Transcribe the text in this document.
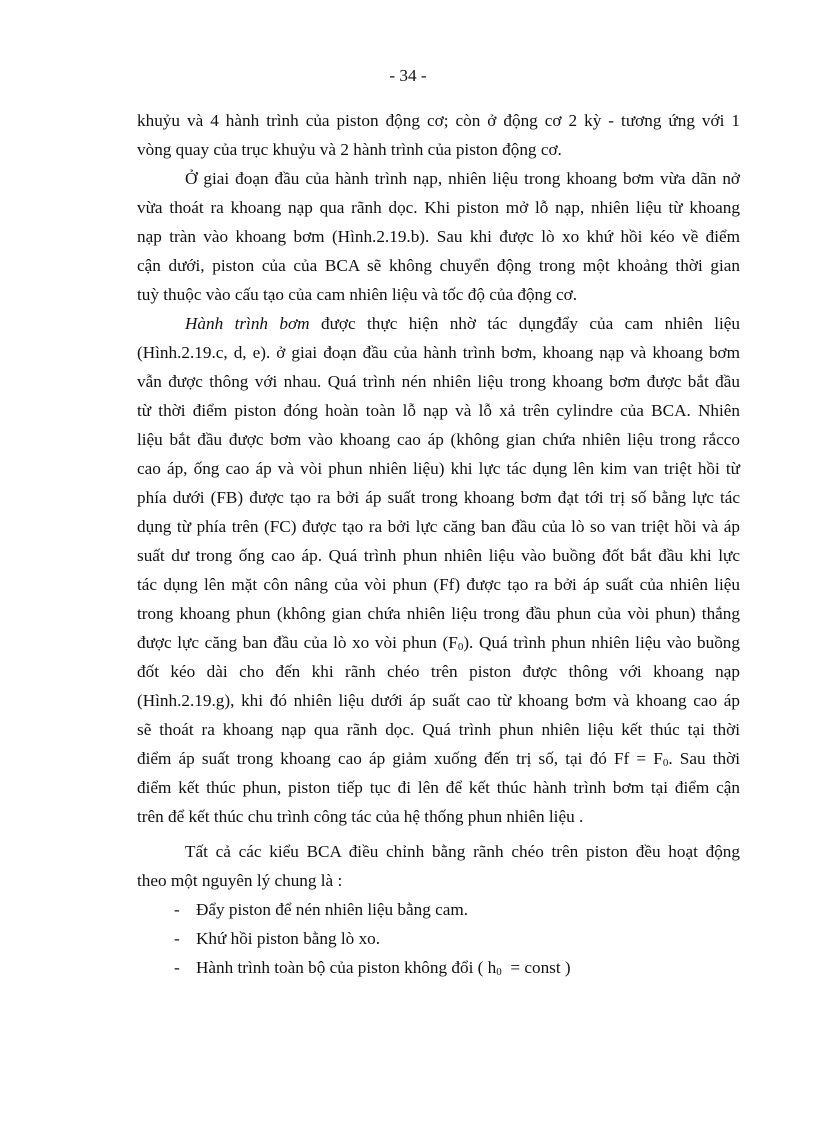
- 34 -
khuỷu và 4 hành trình của piston động cơ; còn ở động cơ 2 kỳ - tương ứng với 1
vòng quay của trục khuỷu và 2 hành trình của piston động cơ.
Ở giai đoạn đầu của hành trình nạp, nhiên liệu trong khoang bơm vừa dãn nở
vừa thoát ra khoang nạp qua rãnh dọc. Khi piston mở lỗ nạp, nhiên liệu từ khoang
nạp tràn vào khoang bơm (Hình.2.19.b). Sau khi được lò xo khứ hồi kéo về điểm
cận dưới, piston của của BCA sẽ không chuyển động trong một khoảng thời gian
tuỳ thuộc vào cấu tạo của cam nhiên liệu và tốc độ của động cơ.
Hành trình bơm được thực hiện nhờ tác dụngđẩy của cam nhiên liệu
(Hình.2.19.c, d, e). ở giai đoạn đầu của hành trình bơm, khoang nạp và khoang bơm
vẫn được thông với nhau. Quá trình nén nhiên liệu trong khoang bơm được bắt đầu
từ thời điểm piston đóng hoàn toàn lỗ nạp và lỗ xả trên cylindre của BCA. Nhiên
liệu bắt đầu được bơm vào khoang cao áp (không gian chứa nhiên liệu trong rắcco
cao áp, ống cao áp và vòi phun nhiên liệu) khi lực tác dụng lên kim van triệt hồi từ
phía dưới (FB) được tạo ra bởi áp suất trong khoang bơm đạt tới trị số bằng lực tác
dụng từ phía trên (FC) được tạo ra bởi lực căng ban đầu của lò so van triệt hồi và áp
suất dư trong ống cao áp. Quá trình phun nhiên liệu vào buồng đốt bắt đầu khi lực
tác dụng lên mặt côn nâng của vòi phun (Ff) được tạo ra bởi áp suất của nhiên liệu
trong khoang phun (không gian chứa nhiên liệu trong đầu phun của vòi phun) thắng
được lực căng ban đầu của lò xo vòi phun $(F_0)$. Quá trình phun nhiên liệu vào buồng
đốt kéo dài cho đến khi rãnh chéo trên piston được thông với khoang nạp
(Hình.2.19.g), khi đó nhiên liệu dưới áp suất cao từ khoang bơm và khoang cao áp
sẽ thoát ra khoang nạp qua rãnh dọc. Quá trình phun nhiên liệu kết thúc tại thời
điểm áp suất trong khoang cao áp giảm xuống đến trị số, tại đó $Ff = F_0$. Sau thời
điểm kết thúc phun, piston tiếp tục đi lên để kết thúc hành trình bơm tại điểm cận
trên để kết thúc chu trình công tác của hệ thống phun nhiên liệu .
Tất cả các kiểu BCA điều chỉnh bằng rãnh chéo trên piston đều hoạt động
theo một nguyên lý chung là :
- Đẩy piston để nén nhiên liệu bằng cam.
- Khứ hồi piston bằng lò xo.
- Hành trình toàn bộ của piston không đổi ( $h_0$  = const )
